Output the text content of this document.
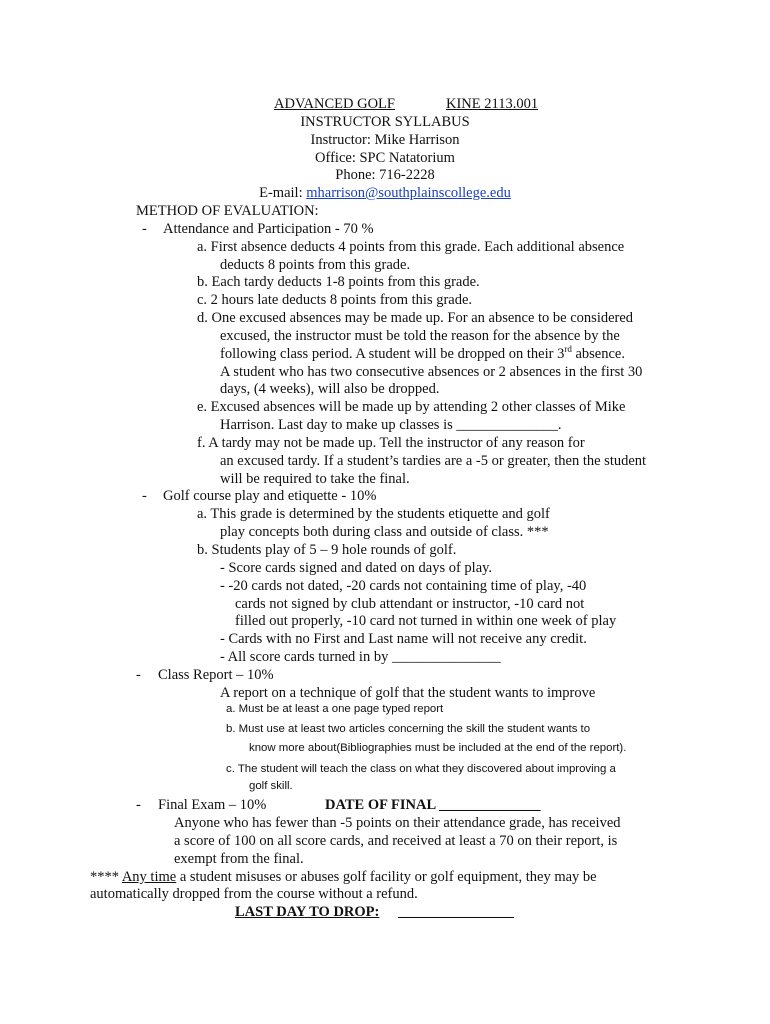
ADVANCED GOLF	KINE 2113.001
INSTRUCTOR SYLLABUS
Instructor: Mike Harrison
Office: SPC Natatorium
Phone: 716-2228
E-mail: mharrison@southplainscollege.edu
METHOD OF EVALUATION:
- Attendance and Participation - 70 %
a. First absence deducts 4 points from this grade. Each additional absence
deducts 8 points from this grade.
b. Each tardy deducts 1-8 points from this grade.
c. 2 hours late deducts 8 points from this grade.
d. One excused absences may be made up. For an absence to be considered
excused, the instructor must be told the reason for the absence by the
following class period. A student will be dropped on their 3rd absence.
A student who has two consecutive absences or 2 absences in the first 30
days, (4 weeks), will also be dropped.
e. Excused absences will be made up by attending 2 other classes of Mike
Harrison. Last day to make up classes is ______________.
f. A tardy may not be made up. Tell the instructor of any reason for
an excused tardy. If a student’s tardies are a -5 or greater, then the student
will be required to take the final.
- Golf course play and etiquette - 10%
a. This grade is determined by the students etiquette and golf
play concepts both during class and outside of class. ***
b. Students play of 5 – 9 hole rounds of golf.
- Score cards signed and dated on days of play.
- -20 cards not dated, -20 cards not containing time of play, -40
cards not signed by club attendant or instructor, -10 card not
filled out properly, -10 card not turned in within one week of play
- Cards with no First and Last name will not receive any credit.
- All score cards turned in by _______________
- Class Report – 10%
A report on a technique of golf that the student wants to improve
a. Must be at least a one page typed report
b. Must use at least two articles concerning the skill the student wants to
know more about(Bibliographies must be included at the end of the report).
c. The student will teach the class on what they discovered about improving a
golf skill.
- Final Exam – 10%	DATE OF FINAL ______________
Anyone who has fewer than -5 points on their attendance grade, has received
a score of 100 on all score cards, and received at least a 70 on their report, is
exempt from the final.
**** Any time a student misuses or abuses golf facility or golf equipment, they may be
automatically dropped from the course without a refund.
LAST DAY TO DROP: ________________
